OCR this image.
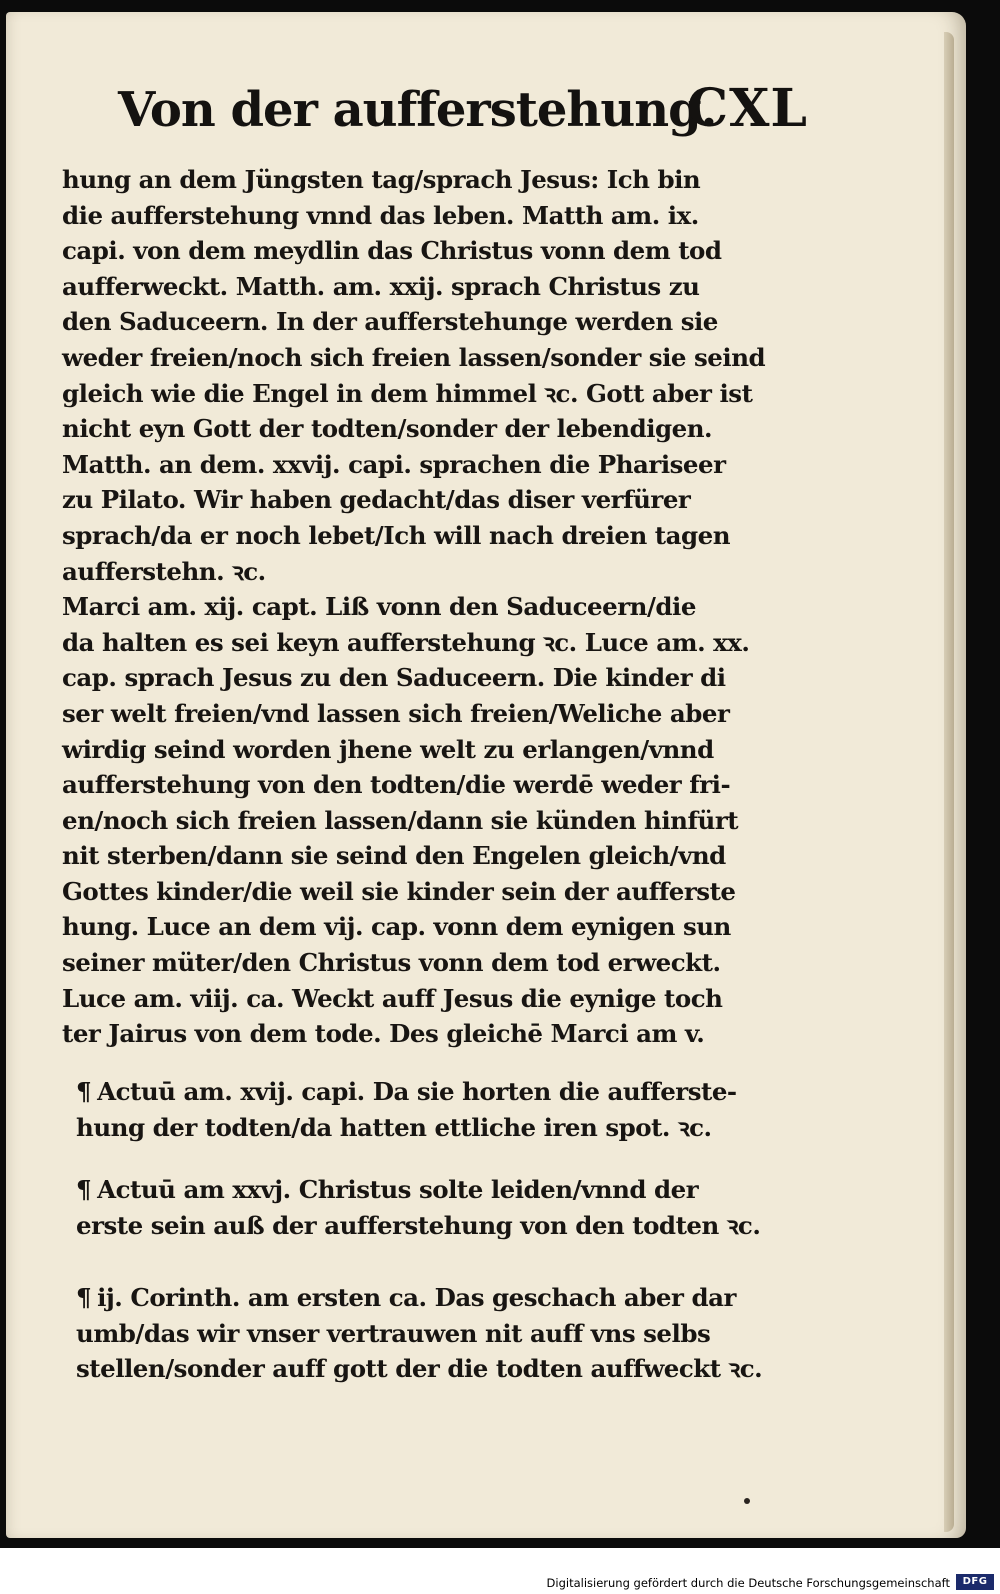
Von der aufferstehung.
CXL
hung an dem Jüngsten tag/sprach Jesus: Ich bin
die aufferstehung vnnd das leben. Matth am. ix.
capi. von dem meydlin das Christus vonn dem tod
aufferweckt. Matth. am. xxij. sprach Christus zu
den Saduceern. In der aufferstehunge werden sie
weder freien/noch sich freien lassen/sonder sie seind
gleich wie die Engel in dem himmel ꝛc. Gott aber ist
nicht eyn Gott der todten/sonder der lebendigen.
Matth. an dem. xxvij. capi. sprachen die Phariseer
zu Pilato. Wir haben gedacht/das diser verfürer
sprach/da er noch lebet/Ich will nach dreien tagen
aufferstehn. ꝛc.
Marci am. xij. capt. Liß vonn den Saduceern/die
da halten es sei keyn aufferstehung ꝛc. Luce am. xx.
cap. sprach Jesus zu den Saduceern. Die kinder di
ser welt freien/vnd lassen sich freien/Weliche aber
wirdig seind worden jhene welt zu erlangen/vnnd
aufferstehung von den todten/die werdē weder fri-
en/noch sich freien lassen/dann sie künden hinfürt
nit sterben/dann sie seind den Engelen gleich/vnd
Gottes kinder/die weil sie kinder sein der aufferste
hung. Luce an dem vij. cap. vonn dem eynigen sun
seiner müter/den Christus vonn dem tod erweckt.
Luce am. viij. ca. Weckt auff Jesus die eynige toch
ter Jairus von dem tode. Des gleichē Marci am v.
¶ Actuū am. xvij. capi. Da sie horten die aufferste-
hung der todten/da hatten ettliche iren spot. ꝛc.
¶ Actuū am xxvj. Christus solte leiden/vnnd der
erste sein auß der aufferstehung von den todten ꝛc.
¶ ij. Corinth. am ersten ca. Das geschach aber dar
umb/das wir vnser vertrauwen nit auff vns selbs
stellen/sonder auff gott der die todten auffweckt ꝛc.
Digitalisierung gefördert durch die Deutsche Forschungsgemeinschaft	DFG
